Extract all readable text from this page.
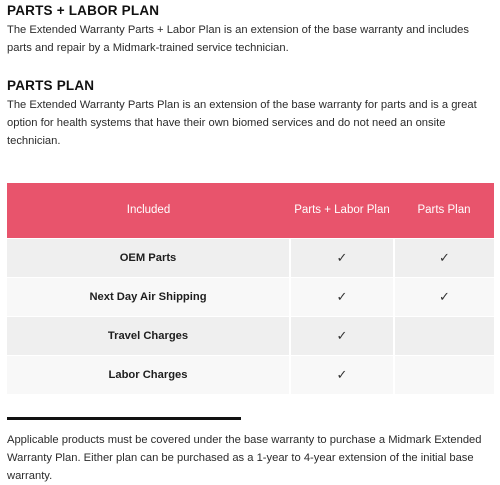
PARTS + LABOR PLAN

The Extended Warranty Parts + Labor Plan is an extension of the base warranty and includes parts and repair by a Midmark-trained service technician.

PARTS PLAN

The Extended Warranty Parts Plan is an extension of the base warranty for parts and is a great option for health systems that have their own biomed services and do not need an onsite technician.

Included	Parts + Labor Plan	Parts Plan
OEM Parts	✓	✓
Next Day Air Shipping	✓	✓
Travel Charges	✓	
Labor Charges	✓	

Applicable products must be covered under the base warranty to purchase a Midmark Extended Warranty Plan. Either plan can be purchased as a 1-year to 4-year extension of the initial base warranty.
